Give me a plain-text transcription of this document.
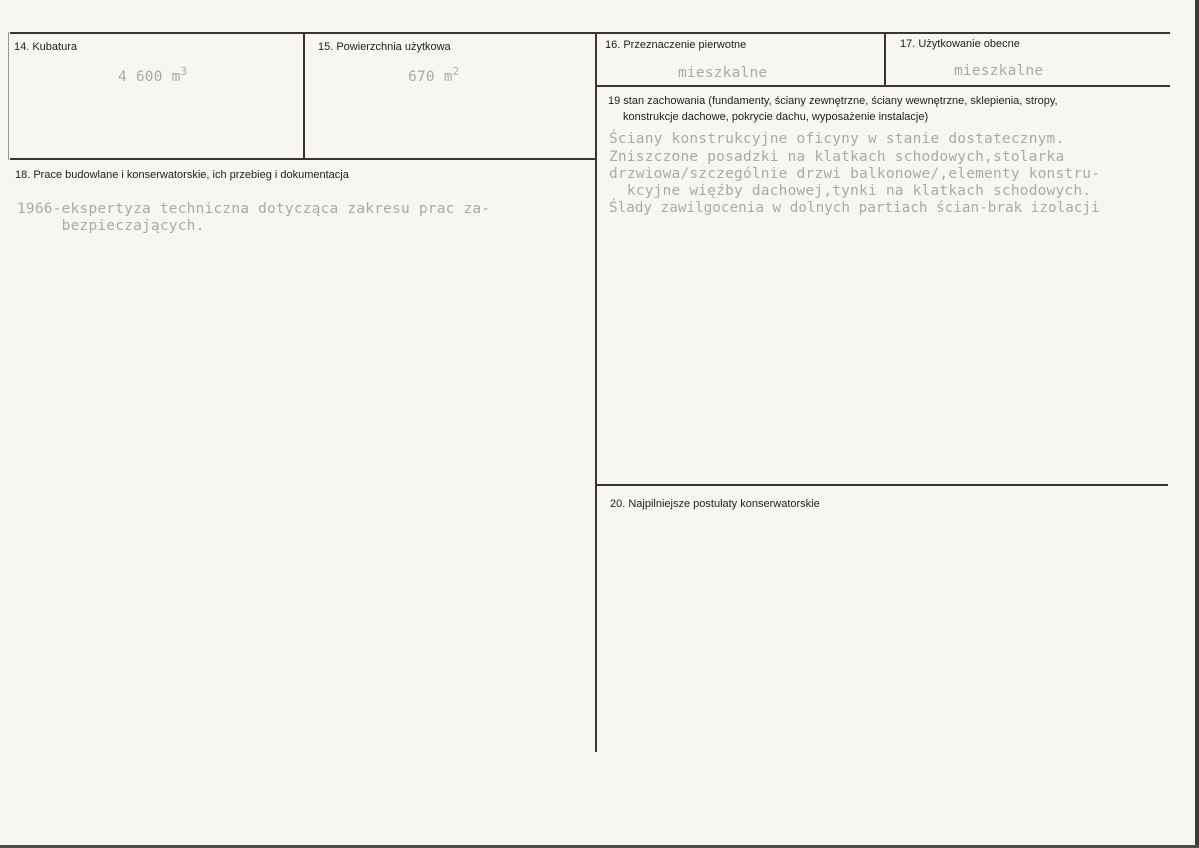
14. Kubatura
4 600 $m^3$
15. Powierzchnia użytkowa
670 $m^2$
16. Przeznaczenie pierwotne
mieszkalne
17. Użytkowanie obecne
mieszkalne
19 stan zachowania (fundamenty, ściany zewnętrzne, ściany wewnętrzne, sklepienia, stropy,
konstrukcje dachowe, pokrycie dachu, wyposażenie instalacje)
Ściany konstrukcyjne oficyny w stanie dostatecznym.
Zniszczone posadzki na klatkach schodowych,stolarka
drzwiowa/szczególnie drzwi balkonowe/,elementy konstru-
kcyjne więźby dachowej,tynki na klatkach schodowych.
Ślady zawilgocenia w dolnych partiach ścian-brak izolacji
18. Prace budowlane i konserwatorskie, ich przebieg i dokumentacja
1966-ekspertyza techniczna dotycząca zakresu prac za-
bezpieczających.
20. Najpilniejsze postulaty konserwatorskie
